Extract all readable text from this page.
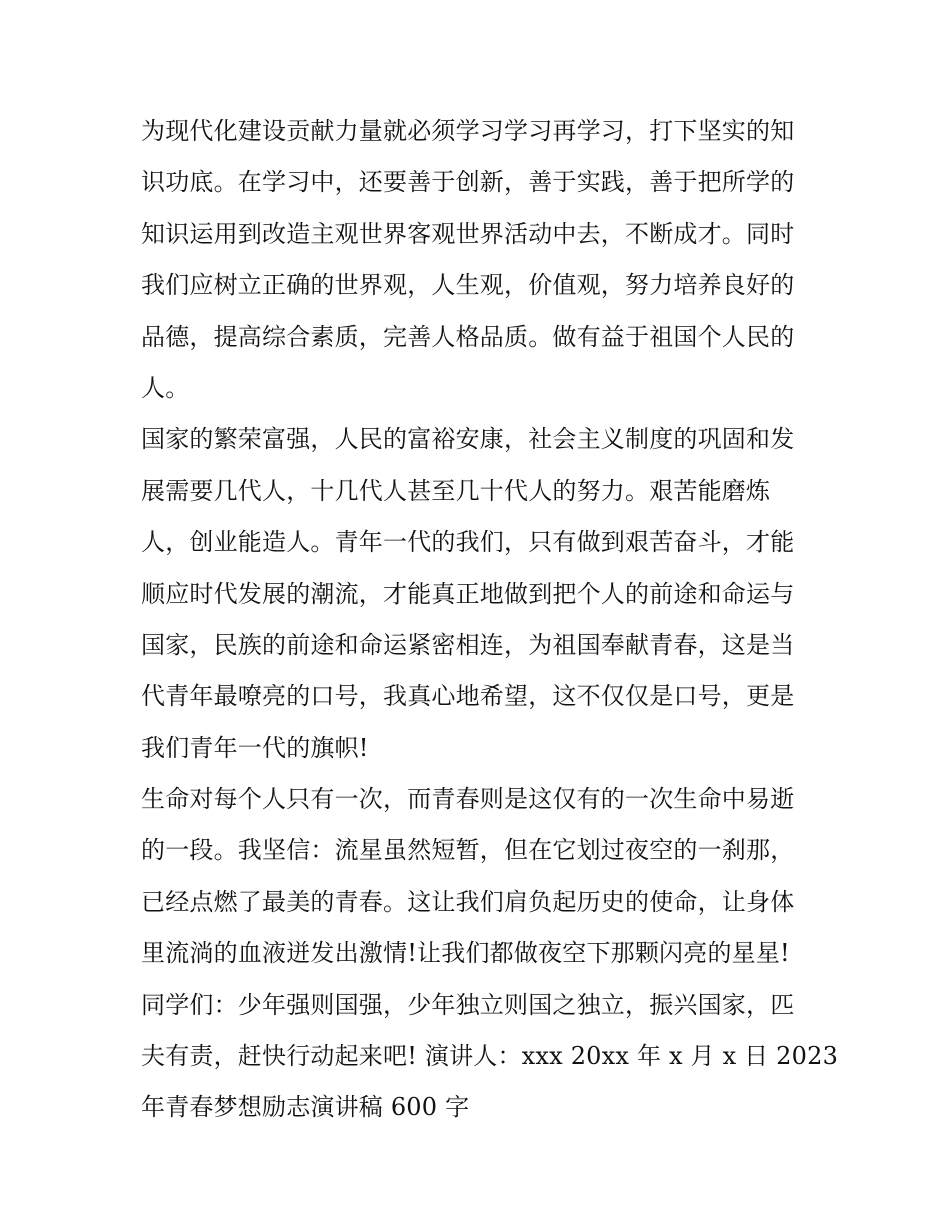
为现代化建设贡献力量就必须学习学习再学习，打下坚实的知
识功底。在学习中，还要善于创新，善于实践，善于把所学的
知识运用到改造主观世界客观世界活动中去，不断成才。同时
我们应树立正确的世界观，人生观，价值观，努力培养良好的
品德，提高综合素质，完善人格品质。做有益于祖国个人民的
人。
国家的繁荣富强，人民的富裕安康，社会主义制度的巩固和发
展需要几代人，十几代人甚至几十代人的努力。艰苦能磨炼
人，创业能造人。青年一代的我们，只有做到艰苦奋斗，才能
顺应时代发展的潮流，才能真正地做到把个人的前途和命运与
国家，民族的前途和命运紧密相连，为祖国奉献青春，这是当
代青年最嘹亮的口号，我真心地希望，这不仅仅是口号，更是
我们青年一代的旗帜!
生命对每个人只有一次，而青春则是这仅有的一次生命中易逝
的一段。我坚信：流星虽然短暂，但在它划过夜空的一刹那，
已经点燃了最美的青春。这让我们肩负起历史的使命，让身体
里流淌的血液迸发出激情!让我们都做夜空下那颗闪亮的星星!
同学们：少年强则国强，少年独立则国之独立，振兴国家，匹
夫有责，赶快行动起来吧! 演讲人：xxx 20xx 年 x 月 x 日 2023
年青春梦想励志演讲稿 600 字
